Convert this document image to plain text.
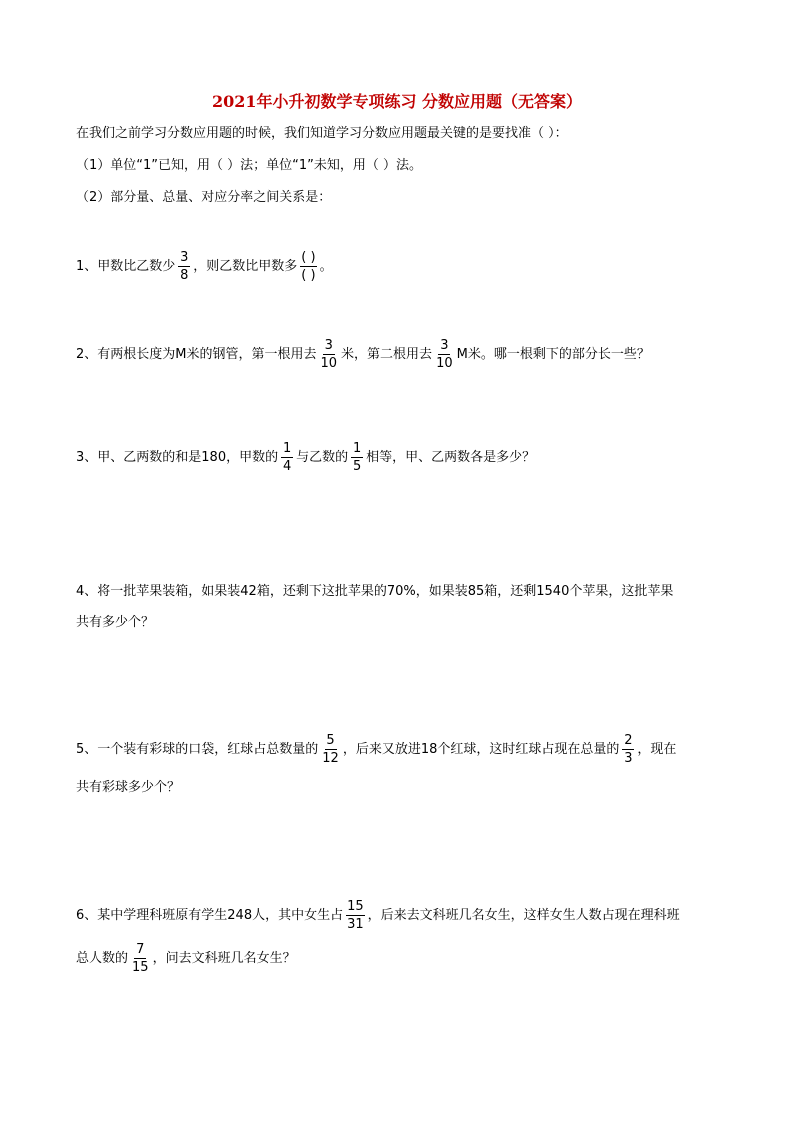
2021年小升初数学专项练习 分数应用题（无答案）
在我们之前学习分数应用题的时候，我们知道学习分数应用题最关键的是要找准（ ）：
（1）单位“1”已知，用（ ）法；单位“1”未知，用（ ）法。
（2）部分量、总量、对应分率之间关系是：
1、甲数比乙数少 $\frac{3}{8}$ ，则乙数比甲数多 $\frac{( )}{( )}$ 。
2、有两根长度为M米的钢管，第一根用去 $\frac{3}{10}$ 米，第二根用去 $\frac{3}{10}$ M米。哪一根剩下的部分长一些？
3、甲、乙两数的和是180，甲数的 $\frac{1}{4}$ 与乙数的 $\frac{1}{5}$ 相等，甲、乙两数各是多少？
4、将一批苹果装箱，如果装42箱，还剩下这批苹果的70%，如果装85箱，还剩1540个苹果，这批苹果
共有多少个？
5、一个装有彩球的口袋，红球占总数量的 $\frac{5}{12}$ ，后来又放进18个红球，这时红球占现在总量的 $\frac{2}{3}$ ，现在
共有彩球多少个？
6、某中学理科班原有学生248人，其中女生占 $\frac{15}{31}$ ，后来去文科班几名女生，这样女生人数占现在理科班
总人数的 $\frac{7}{15}$ ，问去文科班几名女生？
